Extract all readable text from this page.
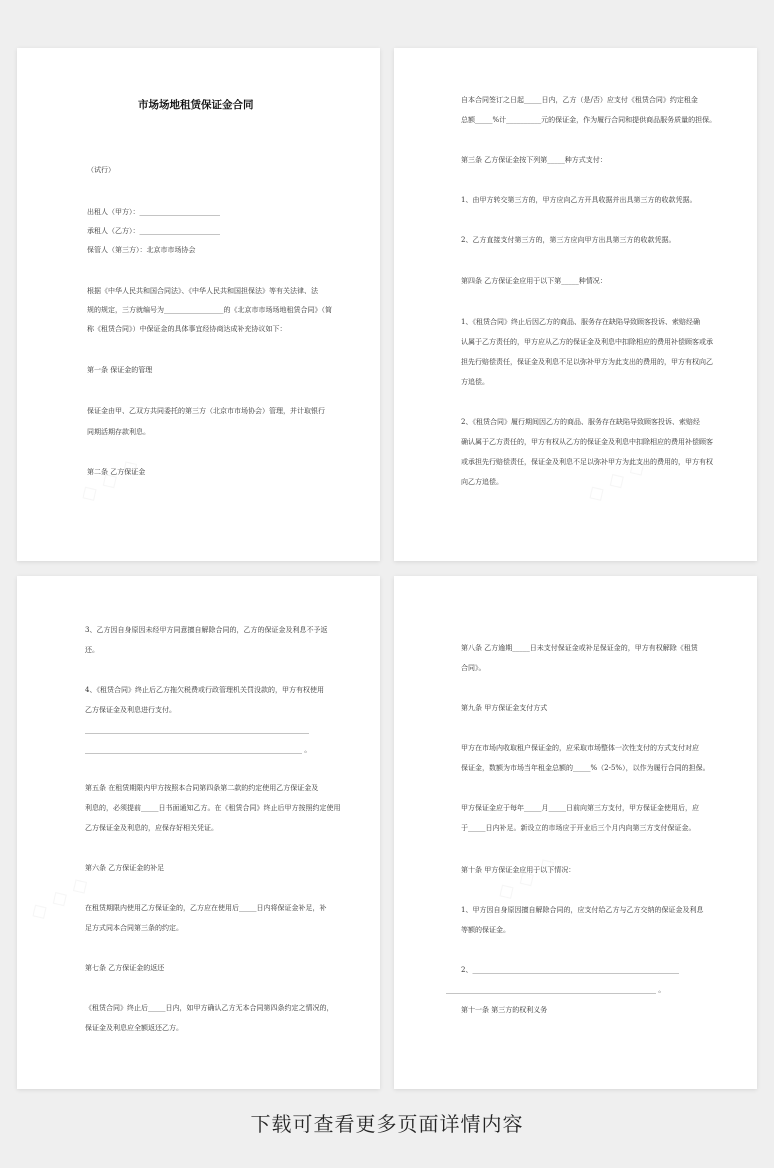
市场场地租赁保证金合同
（试行）
出租人（甲方）：_______________________
承租人（乙方）：_______________________
保管人（第三方）：北京市市场协会
根据《中华人民共和国合同法》、《中华人民共和国担保法》等有关法律、法
规的规定，三方就编号为_________________的《北京市市场场地租赁合同》（简
称《租赁合同》）中保证金的具体事宜经协商达成补充协议如下：
第一条 保证金的管理
保证金由甲、乙双方共同委托的第三方（北京市市场协会）管理，并计取银行
同期活期存款利息。
第二条 乙方保证金
自本合同签订之日起_____日内，乙方（是/否）应支付《租赁合同》约定租金
总额_____%计__________元的保证金，作为履行合同和提供商品服务质量的担保。
第三条 乙方保证金按下列第_____种方式支付：
1、由甲方转交第三方的，甲方应向乙方开具收据并出具第三方的收款凭据。
2、乙方直接支付第三方的，第三方应向甲方出具第三方的收款凭据。
第四条 乙方保证金应用于以下第_____种情况：
1、《租赁合同》终止后因乙方的商品、服务存在缺陷导致顾客投诉、索赔经确
认属于乙方责任的，甲方应从乙方的保证金及利息中扣除相应的费用补偿顾客或承
担先行赔偿责任，保证金及利息不足以弥补甲方为此支出的费用的，甲方有权向乙
方追偿。
2、《租赁合同》履行期间因乙方的商品、服务存在缺陷导致顾客投诉、索赔经
确认属于乙方责任的，甲方有权从乙方的保证金及利息中扣除相应的费用补偿顾客
或承担先行赔偿责任，保证金及利息不足以弥补甲方为此支出的费用的，甲方有权
向乙方追偿。
3、乙方因自身原因未经甲方同意擅自解除合同的，乙方的保证金及利息不予返
还。
4、《租赁合同》终止后乙方拖欠税费或行政管理机关罚没款的，甲方有权使用
乙方保证金及利息进行支付。
________________________________________________________________
______________________________________________________________ 。
第五条 在租赁期限内甲方按照本合同第四条第二款的约定使用乙方保证金及
利息的，必须提前_____日书面通知乙方。在《租赁合同》终止后甲方按照约定使用
乙方保证金及利息的，应保存好相关凭证。
第六条 乙方保证金的补足
在租赁期限内使用乙方保证金的，乙方应在使用后_____日内将保证金补足，补
足方式同本合同第三条的约定。
第七条 乙方保证金的返还
《租赁合同》终止后_____日内，如甲方确认乙方无本合同第四条约定之情况的，
保证金及利息应全额返还乙方。
第八条 乙方逾期_____日未支付保证金或补足保证金的，甲方有权解除《租赁
合同》。
第九条 甲方保证金支付方式
甲方在市场内收取租户保证金的，应采取市场整体一次性支付的方式支付对应
保证金，数额为市场当年租金总额的_____%（2-5%），以作为履行合同的担保。
甲方保证金应于每年_____月_____日前向第三方支付，甲方保证金使用后，应
于_____日内补足。新设立的市场应于开业后三个月内向第三方支付保证金。
第十条 甲方保证金应用于以下情况：
1、甲方因自身原因擅自解除合同的，应支付给乙方与乙方交纳的保证金及利息
等额的保证金。
2、___________________________________________________________
____________________________________________________________ 。
第十一条 第三方的权利义务
下载可查看更多页面详情内容
